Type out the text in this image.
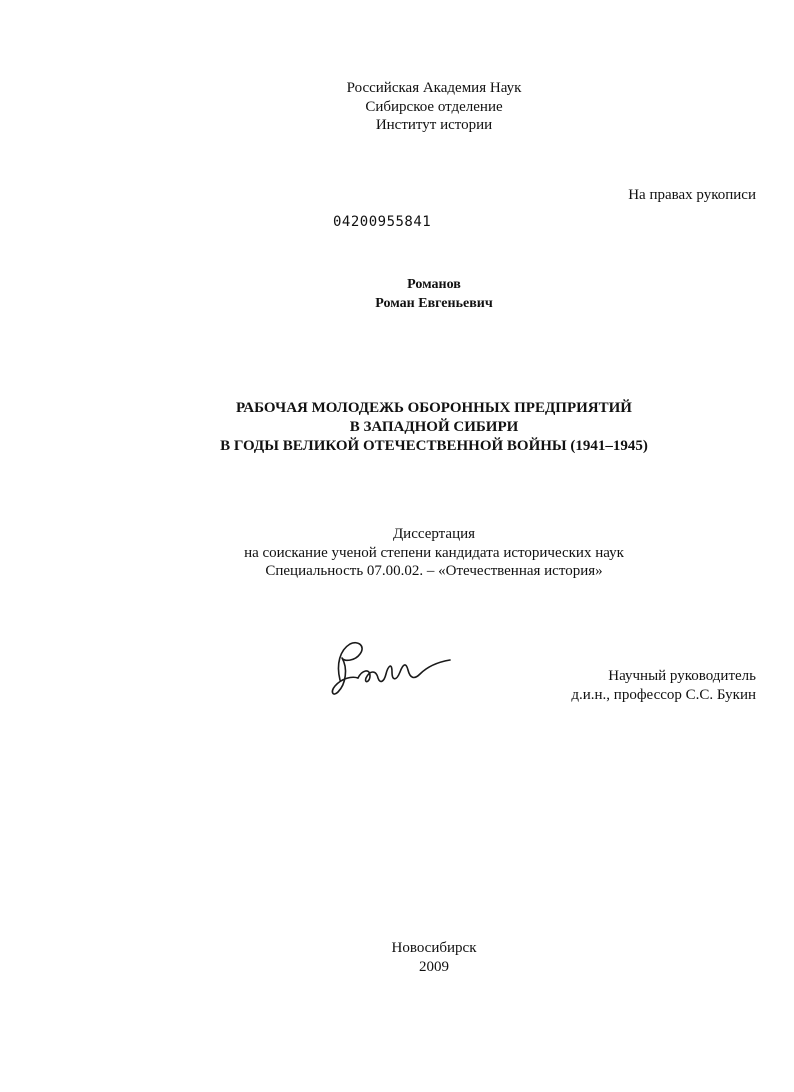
Российская Академия Наук
Сибирское отделение
Институт истории
На правах рукописи
04200955841
Романов
Роман Евгеньевич
РАБОЧАЯ МОЛОДЕЖЬ ОБОРОННЫХ ПРЕДПРИЯТИЙ
В ЗАПАДНОЙ СИБИРИ
В ГОДЫ ВЕЛИКОЙ ОТЕЧЕСТВЕННОЙ ВОЙНЫ (1941–1945)
Диссертация
на соискание ученой степени кандидата исторических наук
Специальность 07.00.02. – «Отечественная история»
Научный руководитель
д.и.н., профессор С.С. Букин
Новосибирск
2009
